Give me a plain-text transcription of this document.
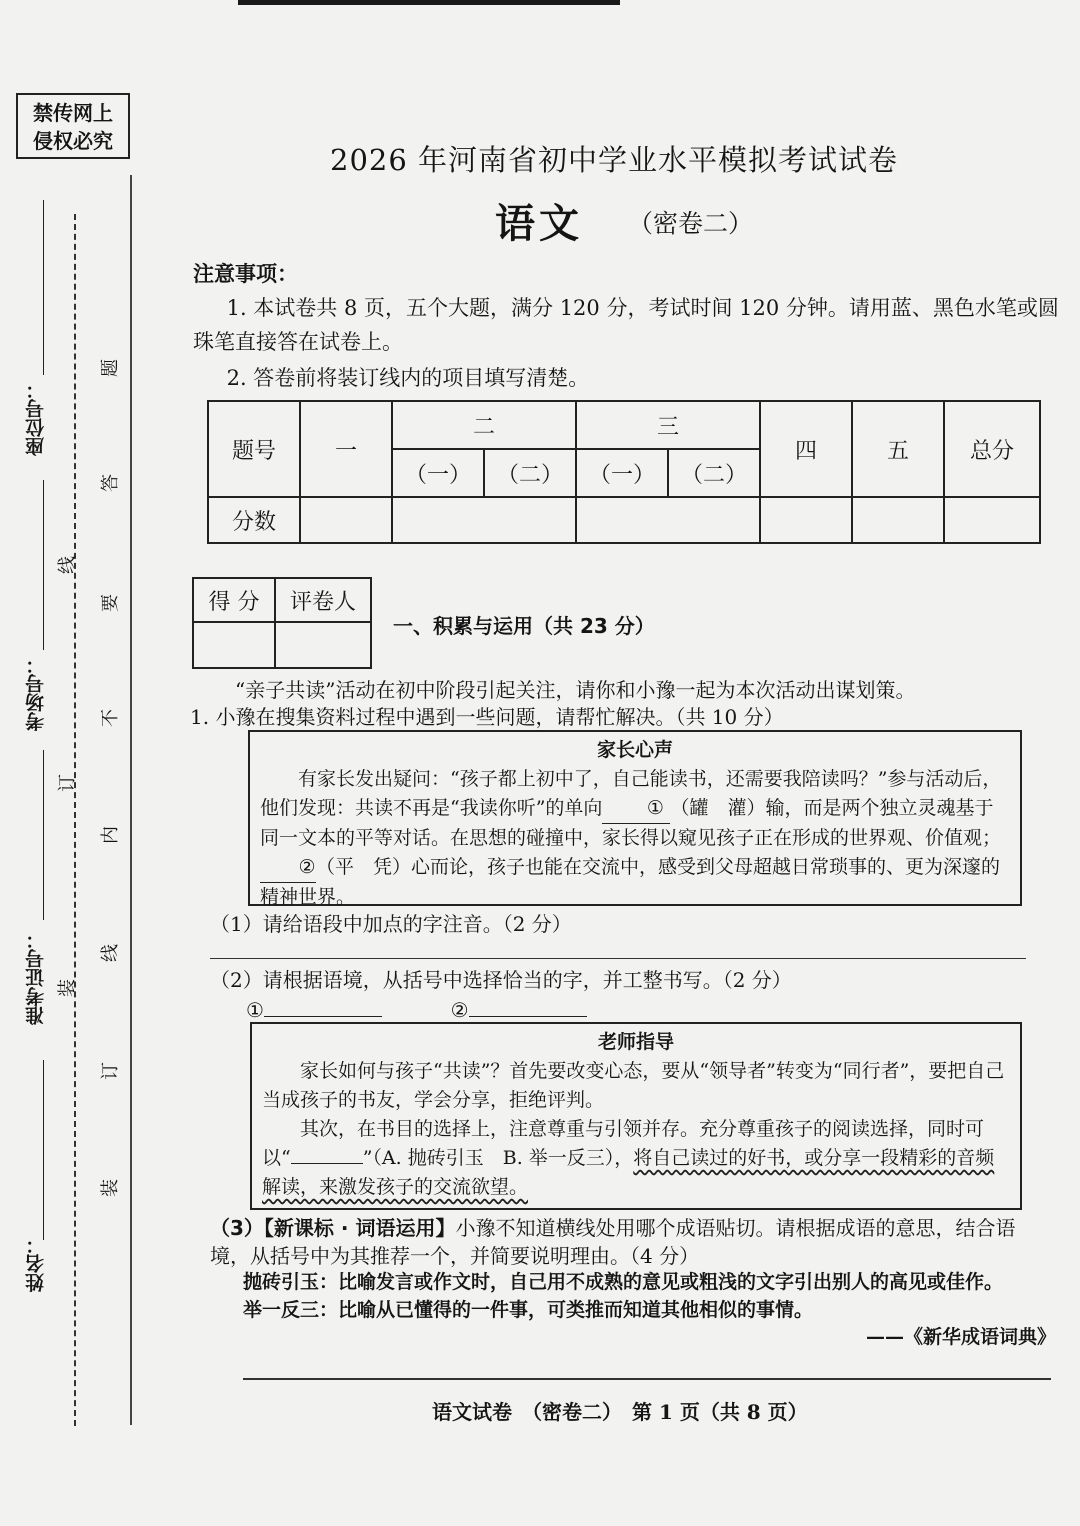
禁传网上
侵权必究
座位号：
考场号：
准考证号：
姓名：
线
订
装
题
答
要
不
内
线
订
装
2026 年河南省初中学业水平模拟考试试卷
语文 （密卷二）
注意事项：
1. 本试卷共 8 页，五个大题，满分 120 分，考试时间 120 分钟。请用蓝、黑色水笔或圆珠笔直接答在试卷上。
2. 答卷前将装订线内的项目填写清楚。
题号	一	二		三		四	五	总分
		（一）	（二）	（一）	（二）			
分数								
得 分	评卷人

一、积累与运用（共 23 分）
“亲子共读”活动在初中阶段引起关注，请你和小豫一起为本次活动出谋划策。
1. 小豫在搜集资料过程中遇到一些问题，请帮忙解决。（共 10 分）
家长心声

有家长发出疑问：“孩子都上初中了，自己能读书，还需要我陪读吗？”参与活动后，他们发现：共读不再是“我读你听”的单向 ① （罐　灌）输，而是两个独立灵魂基于同一文本的平等对话。在思想的碰撞中，家长得以窥见孩子正在形成的世界观、价值观；②（平　凭）心而论，孩子也能在交流中，感受到父母超越日常琐事的、更为深邃的精神世界。

（1）请给语段中加点的字注音。（2 分）
（2）请根据语境，从括号中选择恰当的字，并工整书写。（2 分）
①	②
老师指导

家长如何与孩子“共读”？首先要改变心态，要从“领导者”转变为“同行者”，要把自己当成孩子的书友，学会分享，拒绝评判。

其次，在书目的选择上，注意尊重与引领并存。充分尊重孩子的阅读选择，同时可以“	”（A. 抛砖引玉　B. 举一反三），将自己读过的好书，或分享一段精彩的音频解读，来激发孩子的交流欲望。

（3）【新课标 · 词语运用】小豫不知道横线处用哪个成语贴切。请根据成语的意思，结合语境，从括号中为其推荐一个，并简要说明理由。（4 分）
抛砖引玉：比喻发言或作文时，自己用不成熟的意见或粗浅的文字引出别人的高见或佳作。
举一反三：比喻从已懂得的一件事，可类推而知道其他相似的事情。
——《新华成语词典》
语文试卷　（密卷二）　第 1 页（共 8 页）
